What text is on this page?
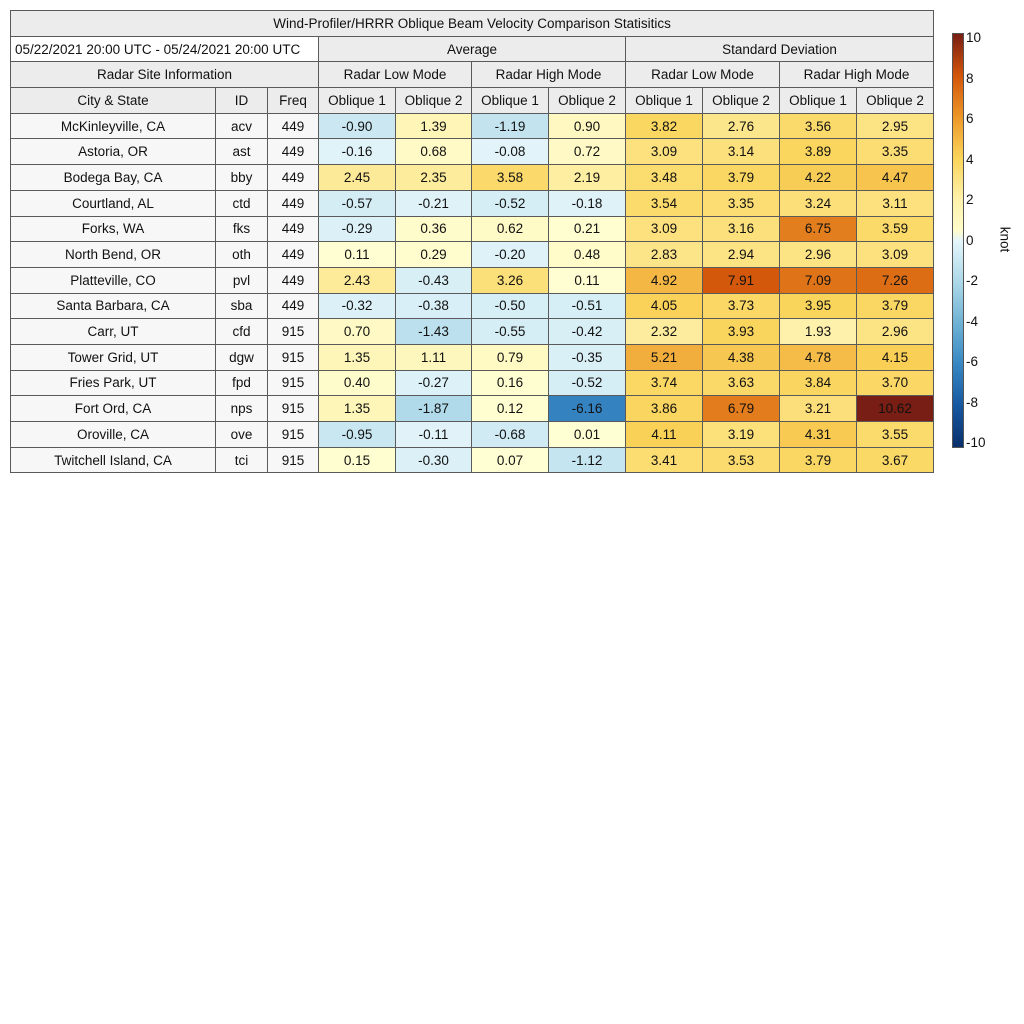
Wind-Profiler/HRRR Oblique Beam Velocity Comparison Statisitics										
05/22/2021 20:00 UTC - 05/24/2021 20:00 UTC			Average				Standard Deviation			
Radar Site Information			Radar Low Mode		Radar High Mode		Radar Low Mode		Radar High Mode	
City & State	ID	Freq	Oblique 1	Oblique 2	Oblique 1	Oblique 2	Oblique 1	Oblique 2	Oblique 1	Oblique 2
McKinleyville, CA	acv	449	-0.90	1.39	-1.19	0.90	3.82	2.76	3.56	2.95
Astoria, OR	ast	449	-0.16	0.68	-0.08	0.72	3.09	3.14	3.89	3.35
Bodega Bay, CA	bby	449	2.45	2.35	3.58	2.19	3.48	3.79	4.22	4.47
Courtland, AL	ctd	449	-0.57	-0.21	-0.52	-0.18	3.54	3.35	3.24	3.11
Forks, WA	fks	449	-0.29	0.36	0.62	0.21	3.09	3.16	6.75	3.59
North Bend, OR	oth	449	0.11	0.29	-0.20	0.48	2.83	2.94	2.96	3.09
Platteville, CO	pvl	449	2.43	-0.43	3.26	0.11	4.92	7.91	7.09	7.26
Santa Barbara, CA	sba	449	-0.32	-0.38	-0.50	-0.51	4.05	3.73	3.95	3.79
Carr, UT	cfd	915	0.70	-1.43	-0.55	-0.42	2.32	3.93	1.93	2.96
Tower Grid, UT	dgw	915	1.35	1.11	0.79	-0.35	5.21	4.38	4.78	4.15
Fries Park, UT	fpd	915	0.40	-0.27	0.16	-0.52	3.74	3.63	3.84	3.70
Fort Ord, CA	nps	915	1.35	-1.87	0.12	-6.16	3.86	6.79	3.21	10.62
Oroville, CA	ove	915	-0.95	-0.11	-0.68	0.01	4.11	3.19	4.31	3.55
Twitchell Island, CA	tci	915	0.15	-0.30	0.07	-1.12	3.41	3.53	3.79	3.67
10
8
6
4
2
0
-2
-4
-6
-8
-10
knot
